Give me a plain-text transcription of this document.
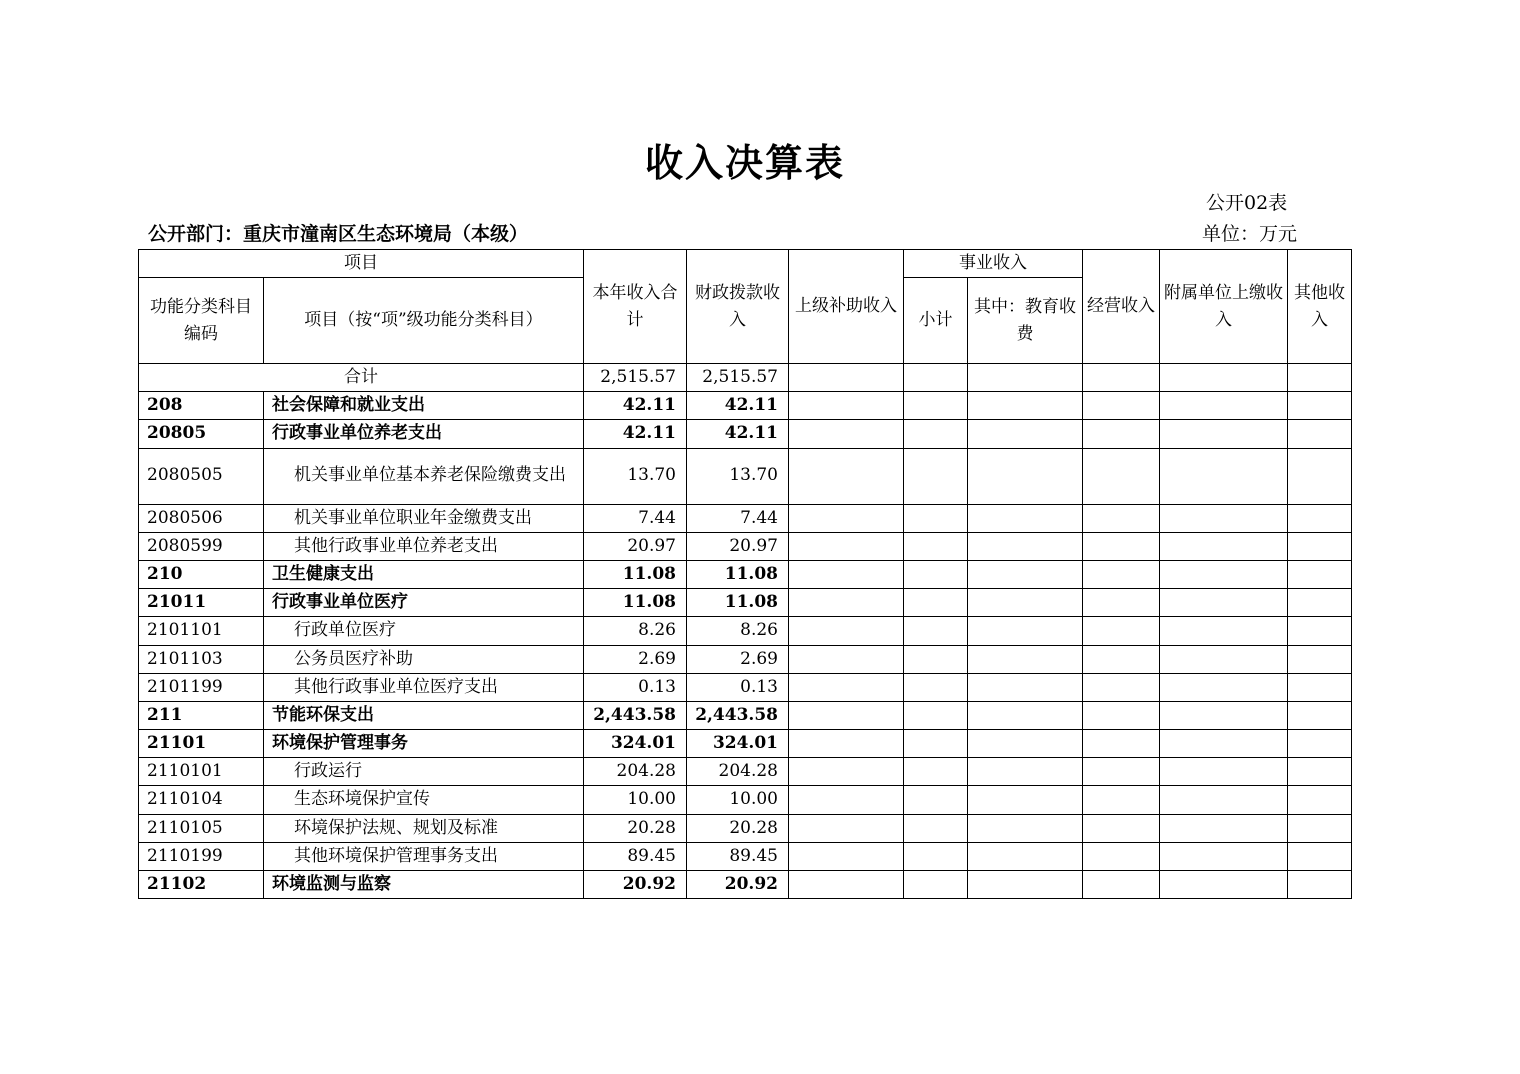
收入决算表
公开02表
公开部门：重庆市潼南区生态环境局（本级）	单位：万元
项目		本年收入合计	财政拨款收入	上级补助收入	事业收入		经营收入	附属单位上缴收入	其他收入
功能分类科目编码	项目（按“项”级功能分类科目）				小计	其中：教育收费			
合计		2,515.57	2,515.57						
208	社会保障和就业支出	42.11	42.11						
20805	行政事业单位养老支出	42.11	42.11						
2080505	机关事业单位基本养老保险缴费支出	13.70	13.70						
2080506	机关事业单位职业年金缴费支出	7.44	7.44						
2080599	其他行政事业单位养老支出	20.97	20.97						
210	卫生健康支出	11.08	11.08						
21011	行政事业单位医疗	11.08	11.08						
2101101	行政单位医疗	8.26	8.26						
2101103	公务员医疗补助	2.69	2.69						
2101199	其他行政事业单位医疗支出	0.13	0.13						
211	节能环保支出	2,443.58	2,443.58						
21101	环境保护管理事务	324.01	324.01						
2110101	行政运行	204.28	204.28						
2110104	生态环境保护宣传	10.00	10.00						
2110105	环境保护法规、规划及标准	20.28	20.28						
2110199	其他环境保护管理事务支出	89.45	89.45						
21102	环境监测与监察	20.92	20.92						
